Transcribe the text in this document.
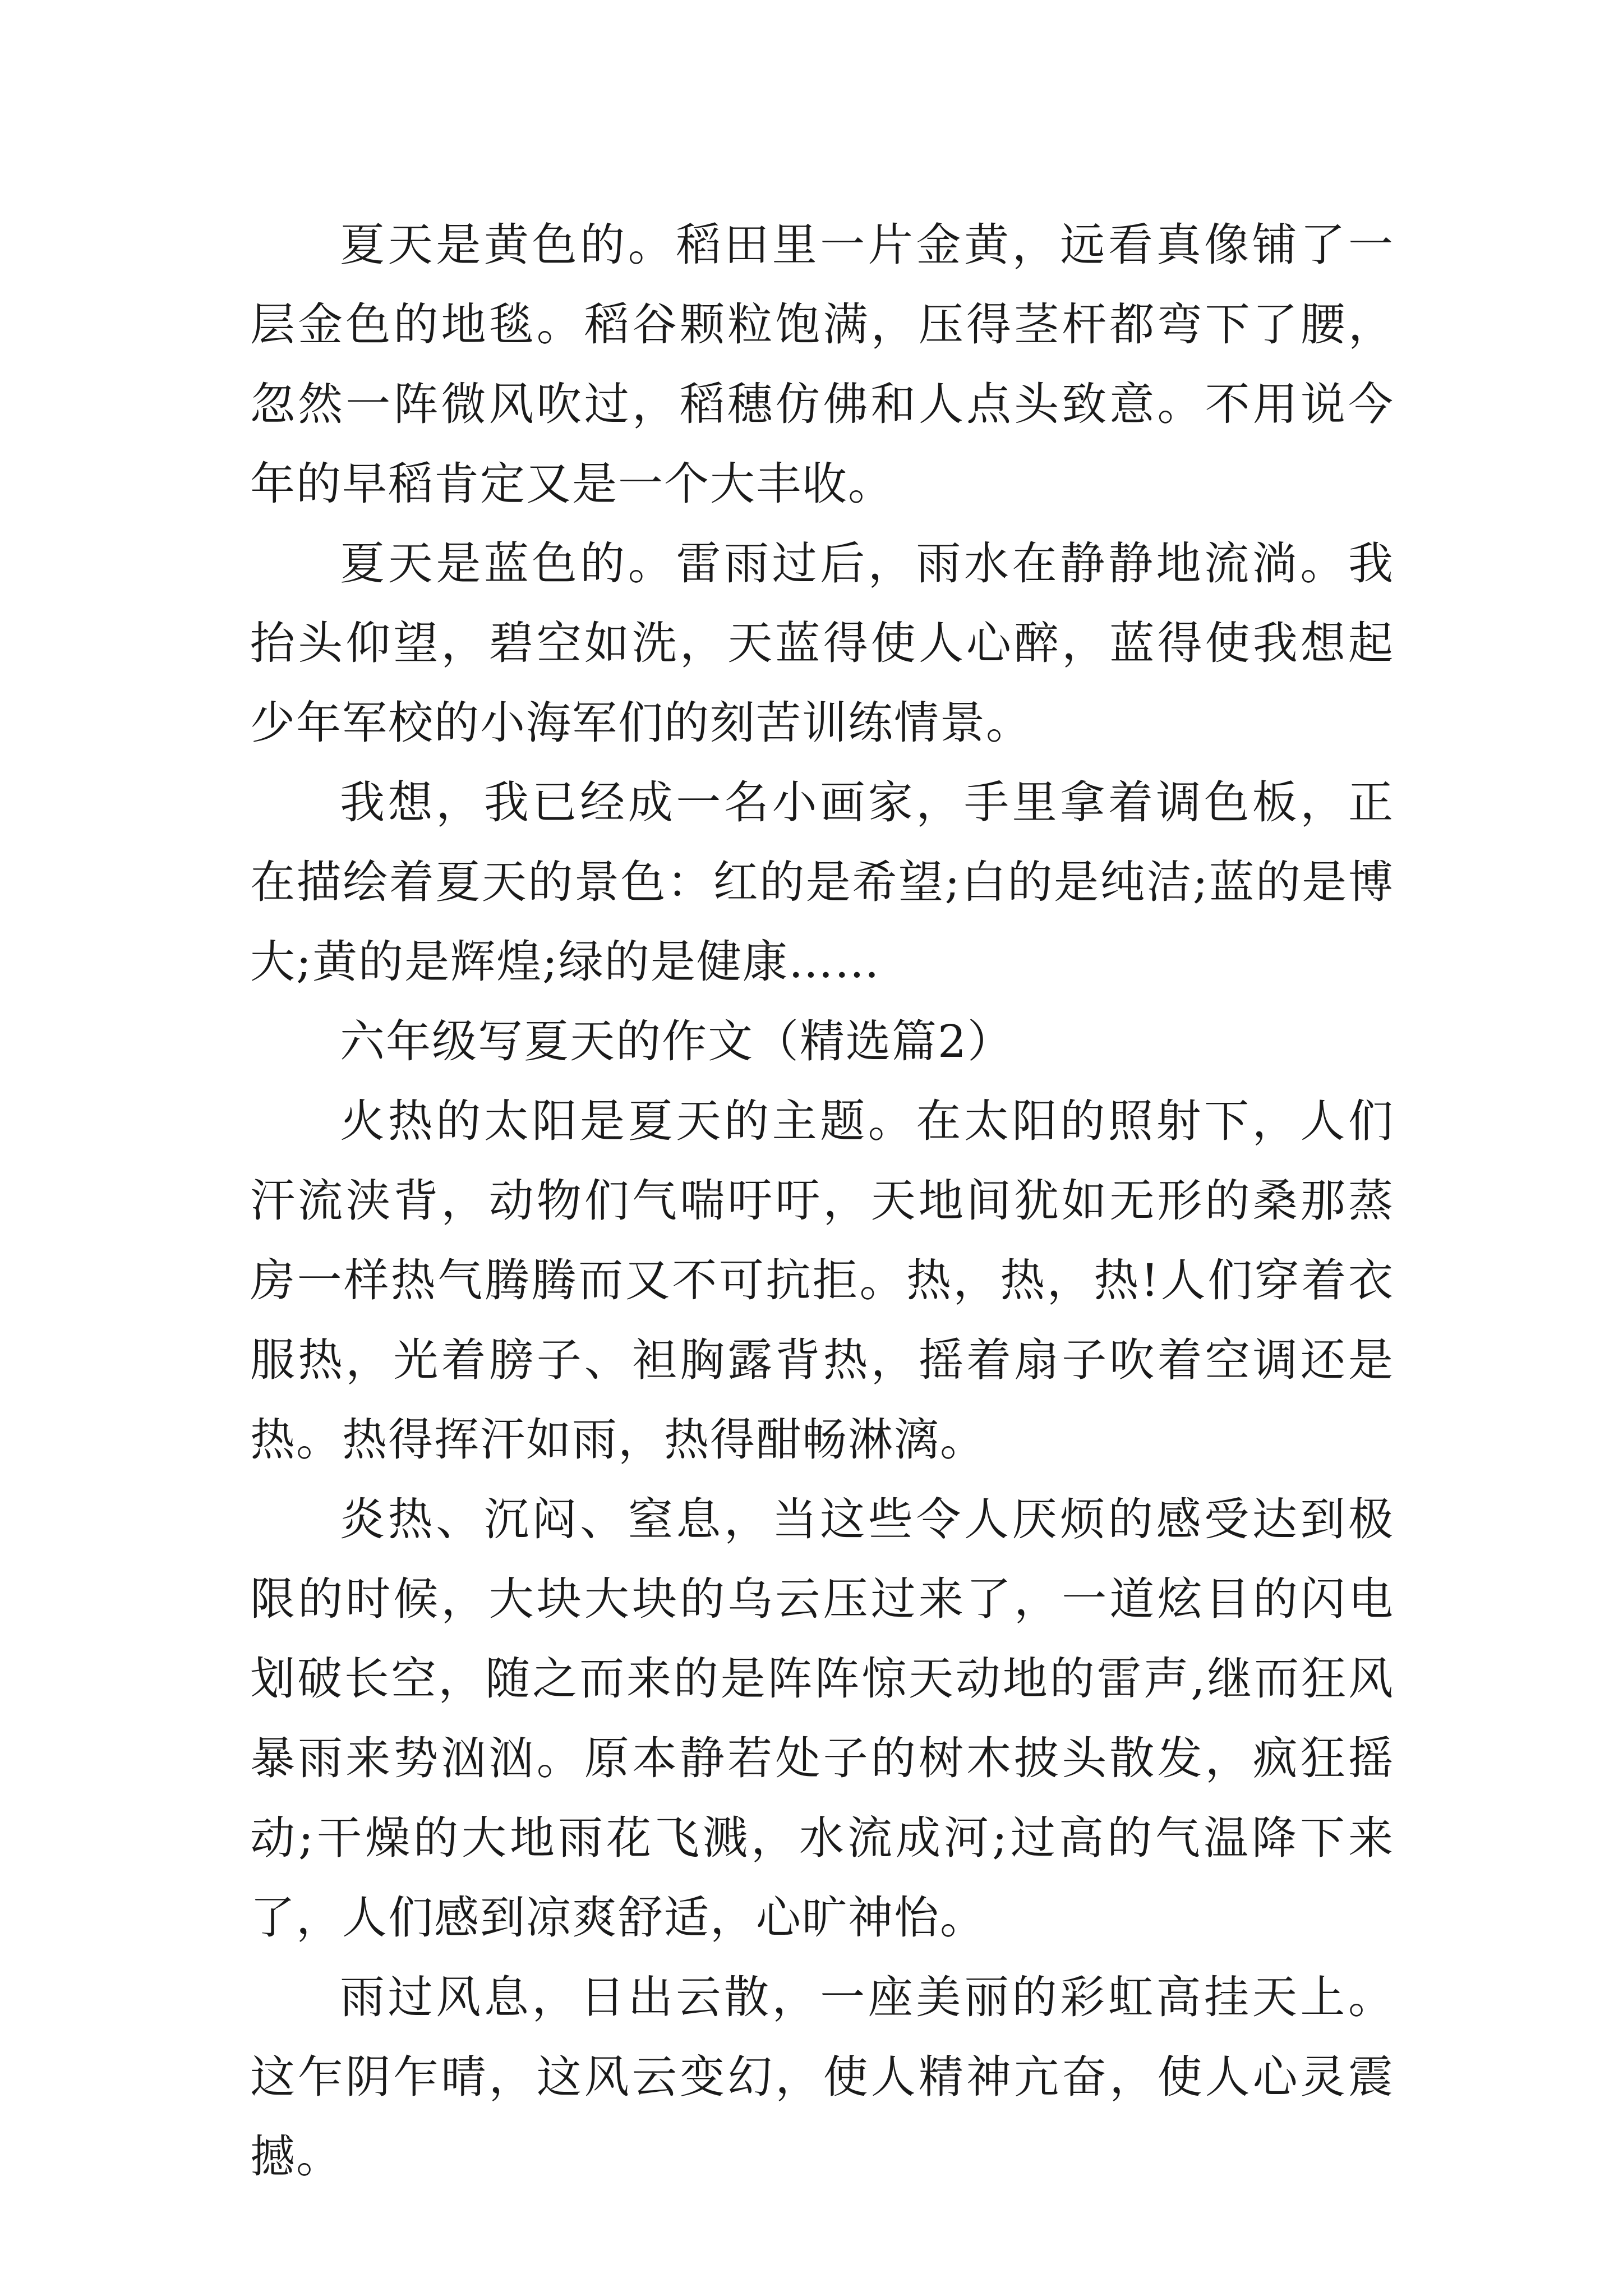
夏天是黄色的。稻田里一片金黄，远看真像铺了一层金色的地毯。稻谷颗粒饱满，压得茎杆都弯下了腰，忽然一阵微风吹过，稻穗仿佛和人点头致意。不用说今年的早稻肯定又是一个大丰收。

夏天是蓝色的。雷雨过后，雨水在静静地流淌。我抬头仰望，碧空如洗，天蓝得使人心醉，蓝得使我想起少年军校的小海军们的刻苦训练情景。

我想，我已经成一名小画家，手里拿着调色板，正在描绘着夏天的景色：红的是希望;白的是纯洁;蓝的是博大;黄的是辉煌;绿的是健康……

六年级写夏天的作文（精选篇2）

火热的太阳是夏天的主题。在太阳的照射下，人们汗流浃背，动物们气喘吁吁，天地间犹如无形的桑那蒸房一样热气腾腾而又不可抗拒。热，热，热!人们穿着衣服热，光着膀子、袒胸露背热，摇着扇子吹着空调还是热。热得挥汗如雨，热得酣畅淋漓。

炎热、沉闷、窒息，当这些令人厌烦的感受达到极限的时候，大块大块的乌云压过来了，一道炫目的闪电划破长空，随之而来的是阵阵惊天动地的雷声,继而狂风暴雨来势汹汹。原本静若处子的树木披头散发，疯狂摇动;干燥的大地雨花飞溅，水流成河;过高的气温降下来了，人们感到凉爽舒适，心旷神怡。

雨过风息，日出云散，一座美丽的彩虹高挂天上。这乍阴乍晴，这风云变幻，使人精神亢奋，使人心灵震撼。
